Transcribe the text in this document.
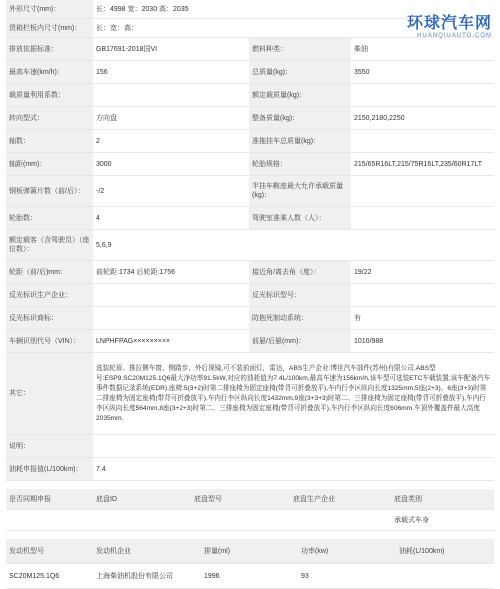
环球汽车网
HUANQIUAUTO.COM
外形尺寸(mm)：	长：4998 宽：2030 高：2035		
货箱栏板内尺寸(mm)：	长：宽：高：		
排放依据标准：	GB17691-2018国VI	燃料种类：	柴油
最高车速(km/h)：	156	总质量(kg)：	3550
载质量利用系数：		额定载质量(kg)：	
转向型式：	方向盘	整备质量(kg)：	2150,2180,2250
轴数：	2	准拖挂车总质量(kg)：	
轴距(mm)：	3000	轮胎规格：	215/65R16LT,215/75R16LT,235/60R17LT
钢板弹簧片数（前/后）：	-/2	半挂车鞍座最大允许承载质量(kg)：	
轮胎数：	4	驾驶室准乘人数（人）：	
额定载客（含驾驶员）（座位数）：	5,6,9		
轮距（前/后)mm：	前轮距:1734 后轮距:1756	接近角/离去角（度）：	19/22
反光标识生产企业：		反光标识型号：	
反光标识商标：		防抱死制动系统：	有
车辆识别代号（VIN）：	LNPHFPAG×××××××××	前悬/后悬(mm)：	1010/988
其它：	选装轮眉、推拉侧车窗、侧踏步、外后视镜,可不装前面灯，雷达，ABS生产企业:博世汽车部件(苏州)有限公司,ABS型号:ESP9.SC20M125.1Q6最大净功率91.5kW,对应的油耗值为7.4L/100km,最高车速为156km/h,该车型可选装ETC车载装置,该车配备汽车事件数据记录系统(EDR).座椅:5(3+2)时第二排座椅为固定座椅(带背可折叠放平),车内行李区纵向长度1325mm,5座(2+3)、6座(3+3)时第二排座椅为固定座椅(带背可折叠放平),车内行李区纵向长度1432mm,9座(3+3+3)时第二、三排座椅为固定座椅(带背可折叠放平),车内行李区纵向长度564mm,8座(3+2+3)时第二、三排座椅为固定座椅(带背可折叠放平),车内行李区纵向长度606mm.车顶外覆盖件最大高度2035mm.		
说明：			
油耗申报值(L/100km)：	7.4		
是否同期申报	底盘ID	底盘型号	底盘生产企业	底盘类别
				承载式车身
发动机型号	发动机企业	排量(ml)	功率(kw)	油耗(L/100km)
SC20M125.1Q6	上海柴油机股份有限公司	1996	93	
